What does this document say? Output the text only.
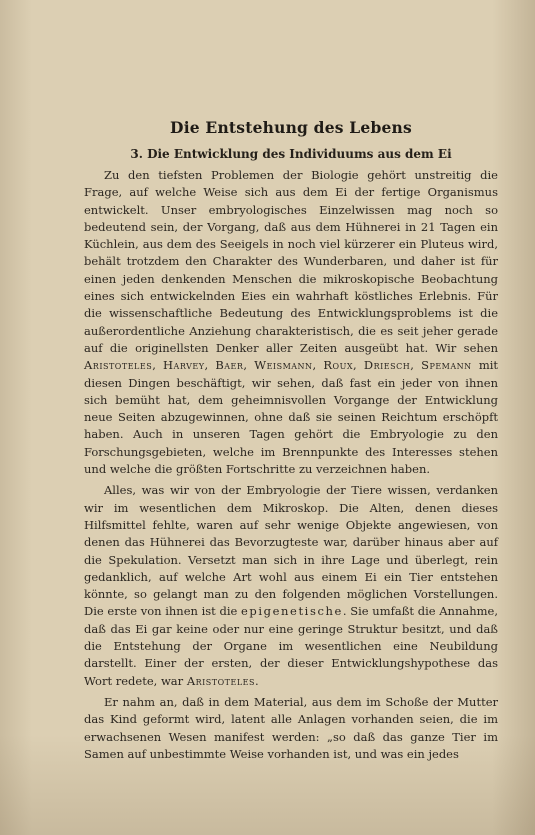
Die Entstehung des Lebens
3. Die Entwicklung des Individuums aus dem Ei

Zu den tiefsten Problemen der Biologie gehört unstreitig die Frage, auf welche Weise sich aus dem Ei der fertige Organismus entwickelt. Unser embryologisches Einzelwissen mag noch so bedeutend sein, der Vorgang, daß aus dem Hühnerei in 21 Tagen ein Küchlein, aus dem des Seeigels in noch viel kürzerer ein Pluteus wird, behält trotzdem den Charakter des Wunderbaren, und daher ist für einen jeden denkenden Menschen die mikroskopische Beobachtung eines sich entwickelnden Eies ein wahrhaft köstliches Erlebnis. Für die wissenschaftliche Bedeutung des Entwicklungsproblems ist die außerordentliche Anziehung charakteristisch, die es seit jeher gerade auf die originellsten Denker aller Zeiten ausgeübt hat. Wir sehen Aristoteles, Harvey, Baer, Weismann, Roux, Driesch, Spemann mit diesen Dingen beschäftigt, wir sehen, daß fast ein jeder von ihnen sich bemüht hat, dem geheimnisvollen Vorgange der Entwicklung neue Seiten abzugewinnen, ohne daß sie seinen Reichtum erschöpft haben. Auch in unseren Tagen gehört die Embryologie zu den Forschungsgebieten, welche im Brennpunkte des Interesses stehen und welche die größten Fortschritte zu verzeichnen haben.

Alles, was wir von der Embryologie der Tiere wissen, verdanken wir im wesentlichen dem Mikroskop. Die Alten, denen dieses Hilfsmittel fehlte, waren auf sehr wenige Objekte angewiesen, von denen das Hühnerei das Bevorzugteste war, darüber hinaus aber auf die Spekulation. Versetzt man sich in ihre Lage und überlegt, rein gedanklich, auf welche Art wohl aus einem Ei ein Tier entstehen könnte, so gelangt man zu den folgenden möglichen Vorstellungen. Die erste von ihnen ist die epigenetische. Sie umfaßt die Annahme, daß das Ei gar keine oder nur eine geringe Struktur besitzt, und daß die Entstehung der Organe im wesentlichen eine Neubildung darstellt. Einer der ersten, der dieser Entwicklungshypothese das Wort redete, war Aristoteles.

Er nahm an, daß in dem Material, aus dem im Schoße der Mutter das Kind geformt wird, latent alle Anlagen vorhanden seien, die im erwachsenen Wesen manifest werden: „so daß das ganze Tier im Samen auf unbestimmte Weise vorhanden ist, und was ein jedes
